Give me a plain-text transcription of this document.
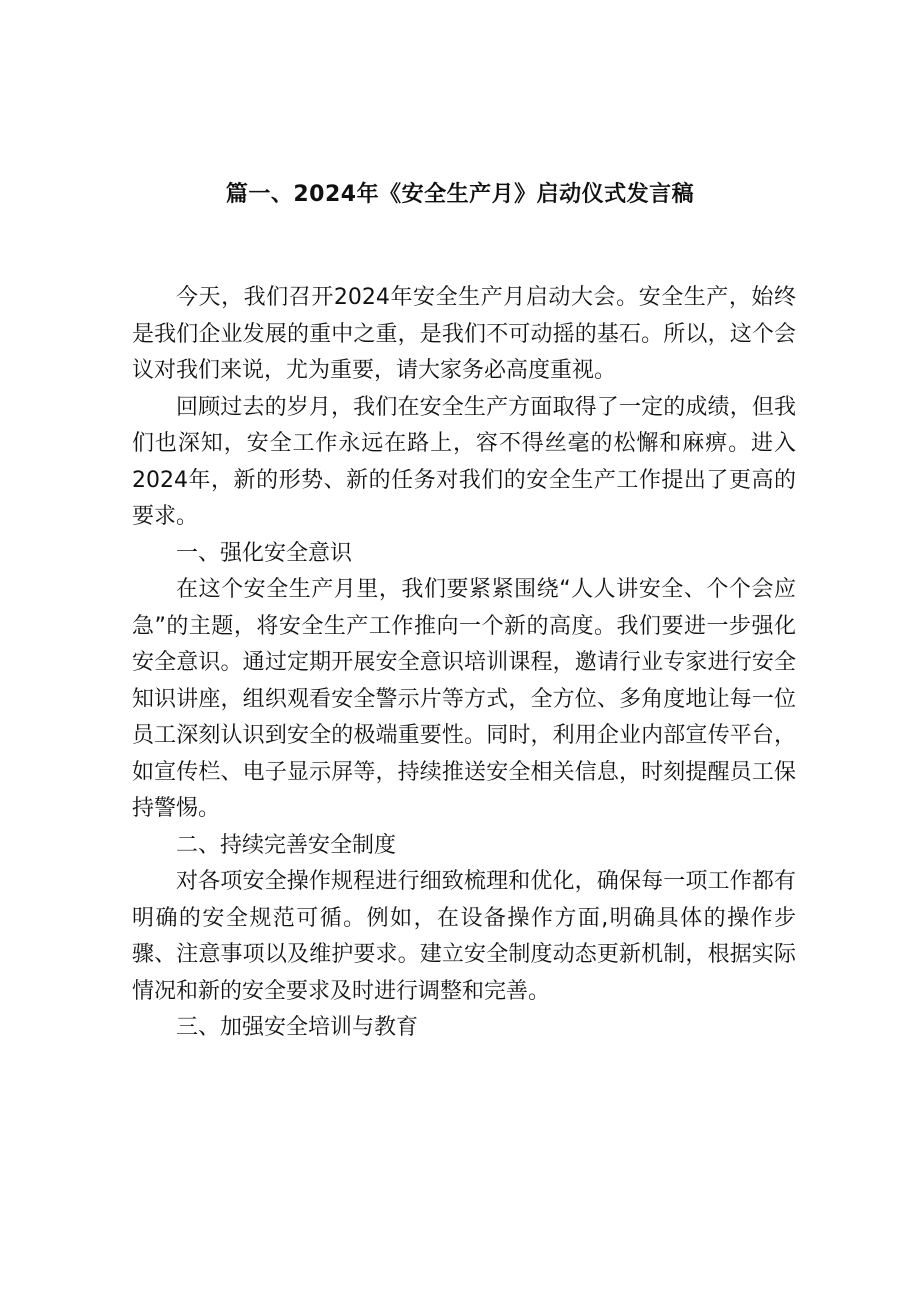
篇一、2024年《安全生产月》启动仪式发言稿

今天，我们召开2024年安全生产月启动大会。安全生产，始终是我们企业发展的重中之重，是我们不可动摇的基石。所以，这个会议对我们来说，尤为重要，请大家务必高度重视。

回顾过去的岁月，我们在安全生产方面取得了一定的成绩，但我们也深知，安全工作永远在路上，容不得丝毫的松懈和麻痹。进入2024年，新的形势、新的任务对我们的安全生产工作提出了更高的要求。

一、强化安全意识

在这个安全生产月里，我们要紧紧围绕“人人讲安全、个个会应急”的主题，将安全生产工作推向一个新的高度。我们要进一步强化安全意识。通过定期开展安全意识培训课程，邀请行业专家进行安全知识讲座，组织观看安全警示片等方式，全方位、多角度地让每一位员工深刻认识到安全的极端重要性。同时，利用企业内部宣传平台，如宣传栏、电子显示屏等，持续推送安全相关信息，时刻提醒员工保持警惕。

二、持续完善安全制度

对各项安全操作规程进行细致梳理和优化，确保每一项工作都有明确的安全规范可循。例如，在设备操作方面,明确具体的操作步骤、注意事项以及维护要求。建立安全制度动态更新机制，根据实际情况和新的安全要求及时进行调整和完善。

三、加强安全培训与教育
